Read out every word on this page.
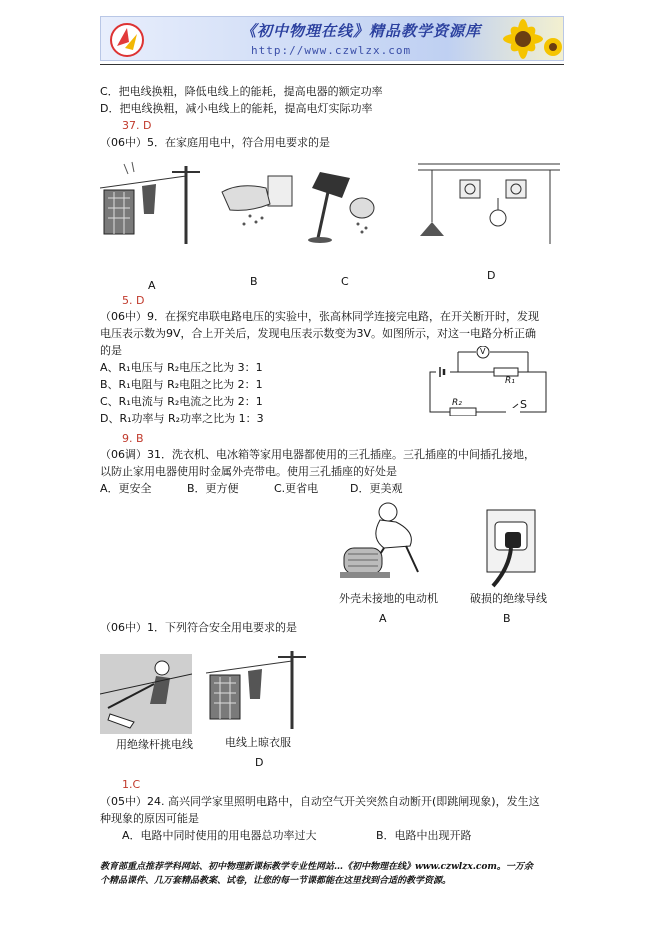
《初中物理在线》精品教学资源库
http://www.czwlzx.com
C．把电线换粗，降低电线上的能耗，提高电器的额定功率
D．把电线换粗，减小电线上的能耗，提高电灯实际功率
37. D
（06中）5．在家庭用电中，符合用电要求的是
A	B	C	D
5. D
（06中）9．在探究串联电路电压的实验中，张高林同学连接完电路，在开关断开时，发现
电压表示数为9V，合上开关后，发现电压表示数变为3V。如图所示，对这一电路分析正确
的是
A、R₁电压与 R₂电压之比为 3：1
B、R₁电阻与 R₂电阻之比为 2：1
C、R₁电流与 R₂电流之比为 2：1
D、R₁功率与 R₂功率之比为 1：3
V
R₁
R₂	S
9. B
（06调）31．洗衣机、电冰箱等家用电器都使用的三孔插座。三孔插座的中间插孔接地，
以防止家用电器使用时金属外壳带电。使用三孔插座的好处是
A．更安全	B．更方便	C.更省电	D．更美观
外壳未接地的电动机
A
破损的绝缘导线
B
（06中）1．下列符合安全用电要求的是
用绝缘杆挑电线	电线上晾衣服
D
1.C
（05中）24. 高兴同学家里照明电路中，自动空气开关突然自动断开(即跳闸现象)，发生这
种现象的原因可能是
A．电路中同时使用的用电器总功率过大	B．电路中出现开路
教育部重点推荐学科网站、初中物理新课标教学专业性网站…《初中物理在线》www.czwlzx.com。一万余
个精品课件、几万套精品教案、试卷，让您的每一节课都能在这里找到合适的教学资源。
